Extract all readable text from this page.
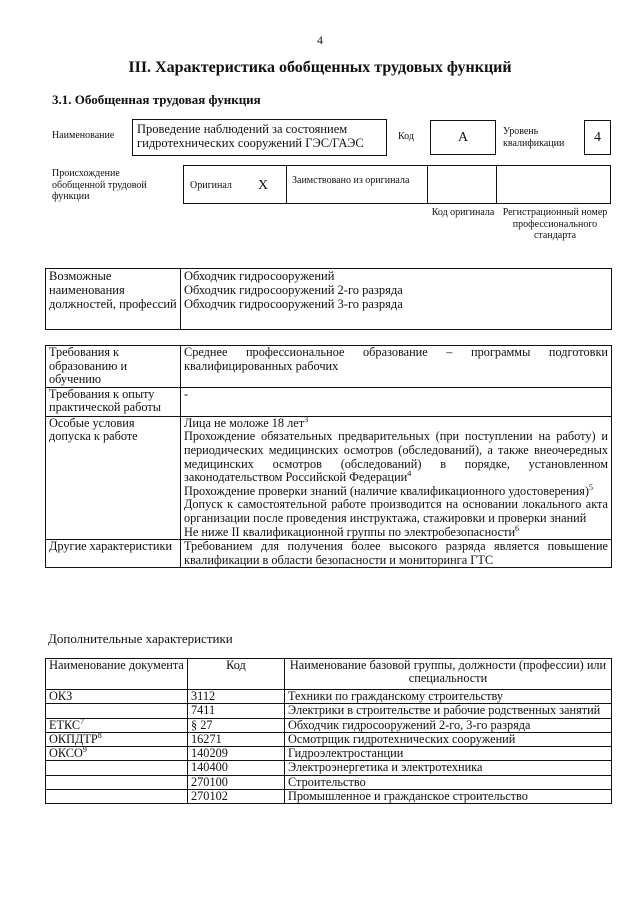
4
III. Характеристика обобщенных трудовых функций
3.1. Обобщенная трудовая функция
Наименование	Проведение наблюдений за состоянием гидротехнических сооружений ГЭС/ГАЭС	Код	А	Уровень квалификации	4
Происхождение обобщенной трудовой функции
Оригинал X Заимствовано из оригинала
Код оригинала Регистрационный номер профессионального стандарта
Возможные наименования должностей, профессий	
Обходчик гидросооружений
Обходчик гидросооружений 2-го разряда
Обходчик гидросооружений 3-го разряда
Требования к образованию и обучению	Среднее профессиональное образование – программы подготовки квалифицированных рабочих
Требования к опыту практической работы	-
Особые условия допуска к работе	Лица не моложе 18 лет$^3$
Прохождение обязательных предварительных (при поступлении на работу) и периодических медицинских осмотров (обследований), а также внеочередных медицинских осмотров (обследований) в порядке, установленном законодательством Российской Федерации$^4$
Прохождение проверки знаний (наличие квалификационного удостоверения)$^5$
Допуск к самостоятельной работе производится на основании локального акта организации после проведения инструктажа, стажировки и проверки знаний
Не ниже II квалификационной группы по электробезопасности$^6$

Другие характеристики	Требованием для получения более высокого разряда является повышение квалификации в области безопасности и мониторинга ГТС
Дополнительные характеристики
Наименование документа	Код	Наименование базовой группы, должности (профессии) или специальности
ОКЗ	3112	Техники по гражданскому строительству
	7411	Электрики в строительстве и рабочие родственных занятий
ЕТКС$^7$	§ 27	Обходчик гидросооружений 2-го, 3-го разряда
ОКПДТР$^8$	16271	Осмотрщик гидротехнических сооружений
ОКСО$^9$	140209	Гидроэлектростанции
	140400	Электроэнергетика и электротехника
	270100	Строительство
	270102	Промышленное и гражданское строительство
